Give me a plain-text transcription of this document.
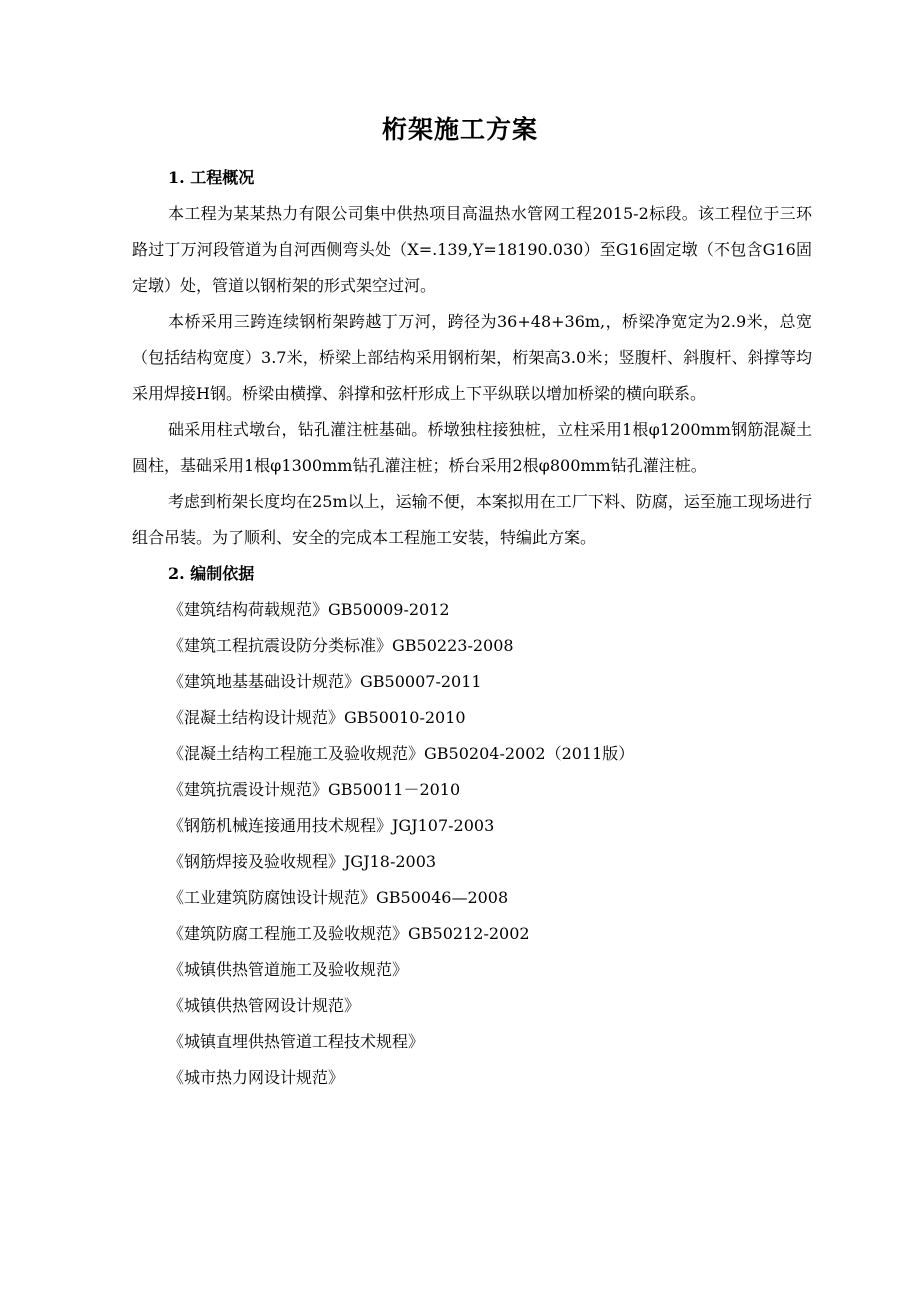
桁架施工方案

1. 工程概况

本工程为某某热力有限公司集中供热项目高温热水管网工程2015-2标段。该工程位于三环路过丁万河段管道为自河西侧弯头处（X=.139,Y=18190.030）至G16固定墩（不包含G16固定墩）处，管道以钢桁架的形式架空过河。

本桥采用三跨连续钢桁架跨越丁万河，跨径为36+48+36m,，桥梁净宽定为2.9米，总宽（包括结构宽度）3.7米，桥梁上部结构采用钢桁架，桁架高3.0米；竖腹杆、斜腹杆、斜撑等均采用焊接H钢。桥梁由横撑、斜撑和弦杆形成上下平纵联以增加桥梁的横向联系。

础采用柱式墩台，钻孔灌注桩基础。桥墩独柱接独桩，立柱采用1根φ1200mm钢筋混凝土圆柱，基础采用1根φ1300mm钻孔灌注桩；桥台采用2根φ800mm钻孔灌注桩。

考虑到桁架长度均在25m以上，运输不便，本案拟用在工厂下料、防腐，运至施工现场进行组合吊装。为了顺利、安全的完成本工程施工安装，特编此方案。

2. 编制依据

《建筑结构荷载规范》GB50009-2012

《建筑工程抗震设防分类标准》GB50223-2008

《建筑地基基础设计规范》GB50007-2011

《混凝土结构设计规范》GB50010-2010

《混凝土结构工程施工及验收规范》GB50204-2002（2011版）

《建筑抗震设计规范》GB50011－2010

《钢筋机械连接通用技术规程》JGJ107-2003

《钢筋焊接及验收规程》JGJ18-2003

《工业建筑防腐蚀设计规范》GB50046—2008

《建筑防腐工程施工及验收规范》GB50212-2002

《城镇供热管道施工及验收规范》

《城镇供热管网设计规范》

《城镇直埋供热管道工程技术规程》

《城市热力网设计规范》
